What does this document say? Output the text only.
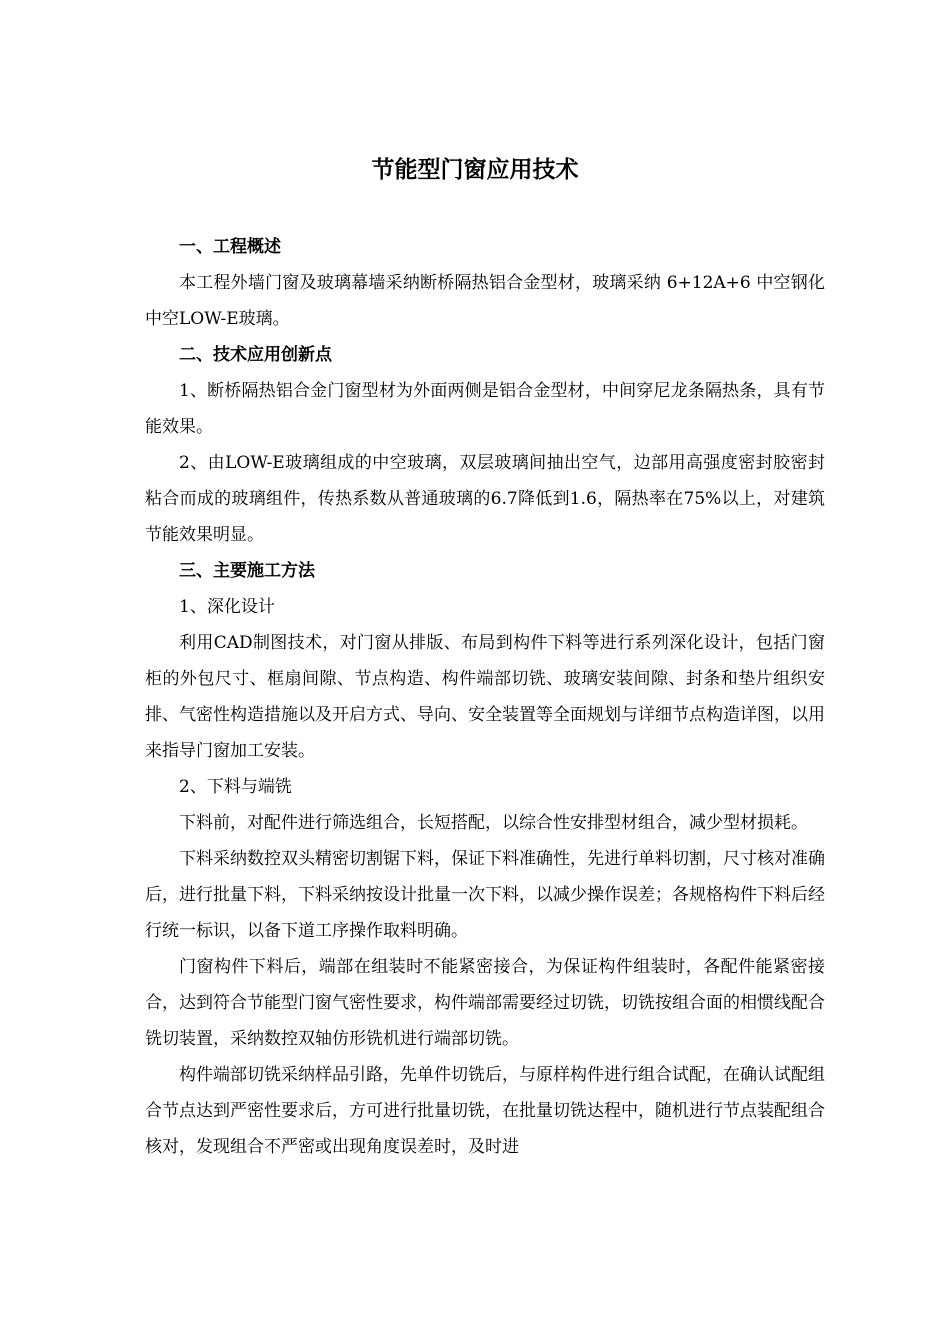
节能型门窗应用技术

一、工程概述

本工程外墙门窗及玻璃幕墙采纳断桥隔热铝合金型材，玻璃采纳 6+12A+6 中空钢化中空LOW-E玻璃。

二、技术应用创新点

1、断桥隔热铝合金门窗型材为外面两侧是铝合金型材，中间穿尼龙条隔热条，具有节能效果。

2、由LOW-E玻璃组成的中空玻璃，双层玻璃间抽出空气，边部用高强度密封胶密封粘合而成的玻璃组件，传热系数从普通玻璃的6.7降低到1.6，隔热率在75%以上，对建筑节能效果明显。

三、主要施工方法

1、深化设计

利用CAD制图技术，对门窗从排版、布局到构件下料等进行系列深化设计，包括门窗柜的外包尺寸、框扇间隙、节点构造、构件端部切铣、玻璃安装间隙、封条和垫片组织安排、气密性构造措施以及开启方式、导向、安全装置等全面规划与详细节点构造详图，以用来指导门窗加工安装。

2、下料与端铣

下料前，对配件进行筛选组合，长短搭配，以综合性安排型材组合，减少型材损耗。

下料采纳数控双头精密切割锯下料，保证下料准确性，先进行单料切割，尺寸核对准确后，进行批量下料，下料采纳按设计批量一次下料，以减少操作误差；各规格构件下料后经行统一标识，以备下道工序操作取料明确。

门窗构件下料后，端部在组装时不能紧密接合，为保证构件组装时，各配件能紧密接合，达到符合节能型门窗气密性要求，构件端部需要经过切铣，切铣按组合面的相惯线配合铣切装置，采纳数控双轴仿形铣机进行端部切铣。

构件端部切铣采纳样品引路，先单件切铣后，与原样构件进行组合试配，在确认试配组合节点达到严密性要求后，方可进行批量切铣，在批量切铣达程中，随机进行节点装配组合核对，发现组合不严密或出现角度误差时，及时进
